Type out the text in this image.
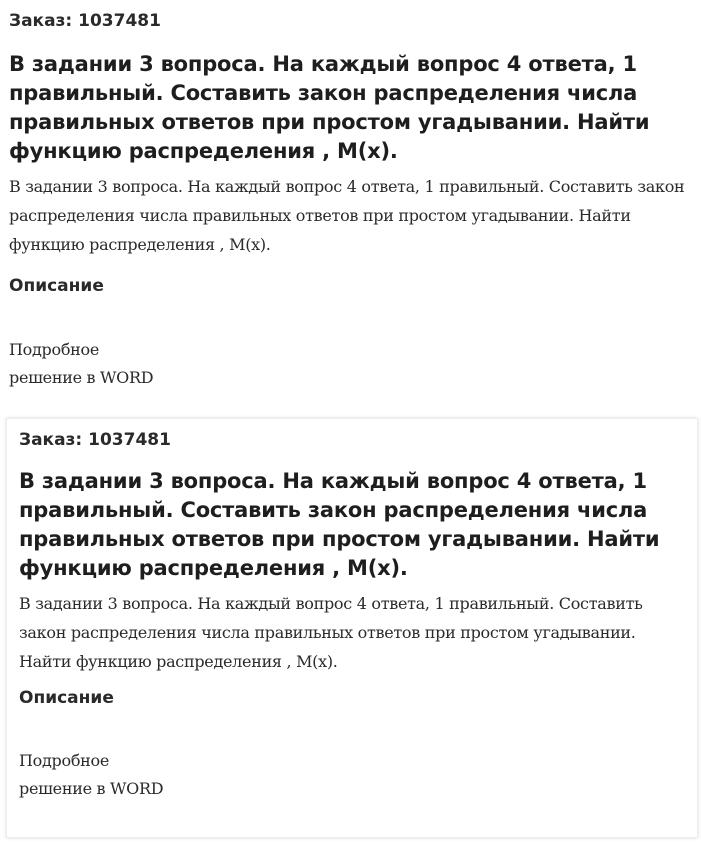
Заказ: 1037481
В задании 3 вопроса. На каждый вопрос 4 ответа, 1 правильный. Составить закон распределения числа правильных ответов при простом угадывании. Найти функцию распределения , M(x).

В задании 3 вопроса. На каждый вопрос 4 ответа, 1 правильный. Составить закон распределения числа правильных ответов при простом угадывании. Найти функцию распределения , M(x).

Описание

Подробное
решение в WORD

Заказ: 1037481
В задании 3 вопроса. На каждый вопрос 4 ответа, 1 правильный. Составить закон распределения числа правильных ответов при простом угадывании. Найти функцию распределения , M(x).

В задании 3 вопроса. На каждый вопрос 4 ответа, 1 правильный. Составить закон распределения числа правильных ответов при простом угадывании. Найти функцию распределения , M(x).

Описание

Подробное
решение в WORD
